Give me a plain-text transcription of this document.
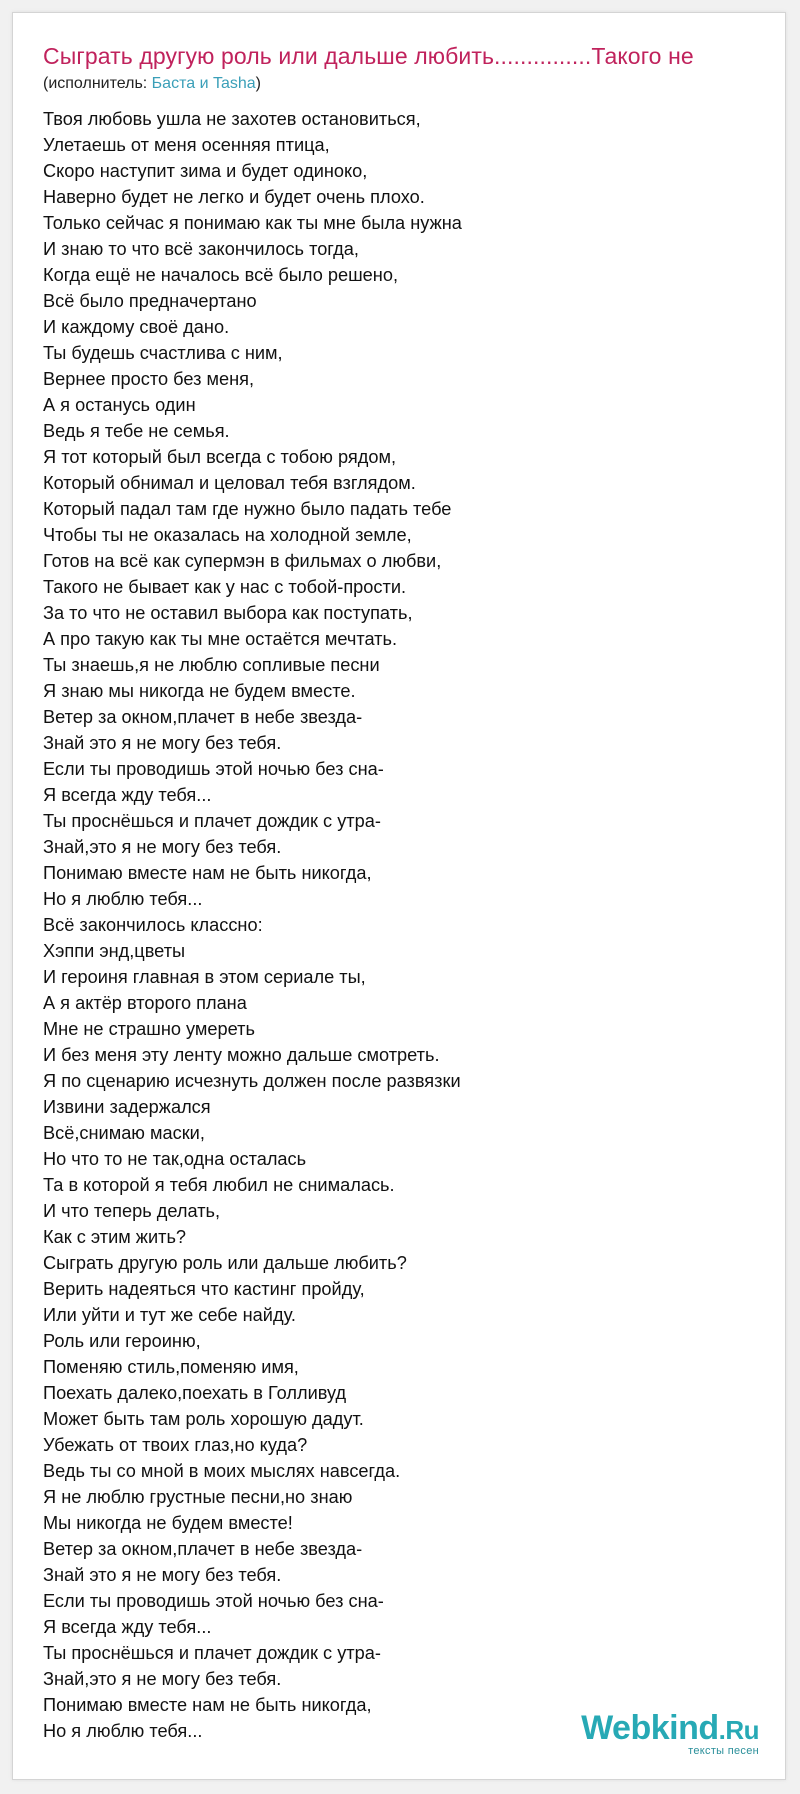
Сыграть другую роль или дальше любить...............Такого не
(исполнитель: Баста и Tasha)
Твоя любовь ушла не захотев остановиться,
Улетаешь от меня осенняя птица,
Скоро наступит зима и будет одиноко,
Наверно будет не легко и будет очень плохо.
Только сейчас я понимаю как ты мне была нужна
И знаю то что всё закончилось тогда,
Когда ещё не началось всё было решено,
Всё было предначертано
И каждому своё дано.
Ты будешь счастлива с ним,
Вернее просто без меня,
А я останусь один
Ведь я тебе не семья.
Я тот который был всегда с тобою рядом,
Который обнимал и целовал тебя взглядом.
Который падал там где нужно было падать тебе
Чтобы ты не оказалась на холодной земле,
Готов на всё как супермэн в фильмах о любви,
Такого не бывает как у нас с тобой-прости.
За то что не оставил выбора как поступать,
А про такую как ты мне остаётся мечтать.
Ты знаешь,я не люблю сопливые песни
Я знаю мы никогда не будем вместе.
Ветер за окном,плачет в небе звезда-
Знай это я не могу без тебя.
Если ты проводишь этой ночью без сна-
Я всегда жду тебя...
Ты проснёшься и плачет дождик с утра-
Знай,это я не могу без тебя.
Понимаю вместе нам не быть никогда,
Но я люблю тебя...
Всё закончилось классно:
Хэппи энд,цветы
И героиня главная в этом сериале ты,
А я актёр второго плана
Мне не страшно умереть
И без меня эту ленту можно дальше смотреть.
Я по сценарию исчезнуть должен после развязки
Извини задержался
Всё,снимаю маски,
Но что то не так,одна осталась
Та в которой я тебя любил не снималась.
И что теперь делать,
Как с этим жить?
Сыграть другую роль или дальше любить?
Верить надеяться что кастинг пройду,
Или уйти и тут же себе найду.
Роль или героиню,
Поменяю стиль,поменяю имя,
Поехать далеко,поехать в Голливуд
Может быть там роль хорошую дадут.
Убежать от твоих глаз,но куда?
Ведь ты со мной в моих мыслях навсегда.
Я не люблю грустные песни,но знаю
Мы никогда не будем вместе!
Ветер за окном,плачет в небе звезда-
Знай это я не могу без тебя.
Если ты проводишь этой ночью без сна-
Я всегда жду тебя...
Ты проснёшься и плачет дождик с утра-
Знай,это я не могу без тебя.
Понимаю вместе нам не быть никогда,
Но я люблю тебя...	Webkind.Ru
тексты песен
